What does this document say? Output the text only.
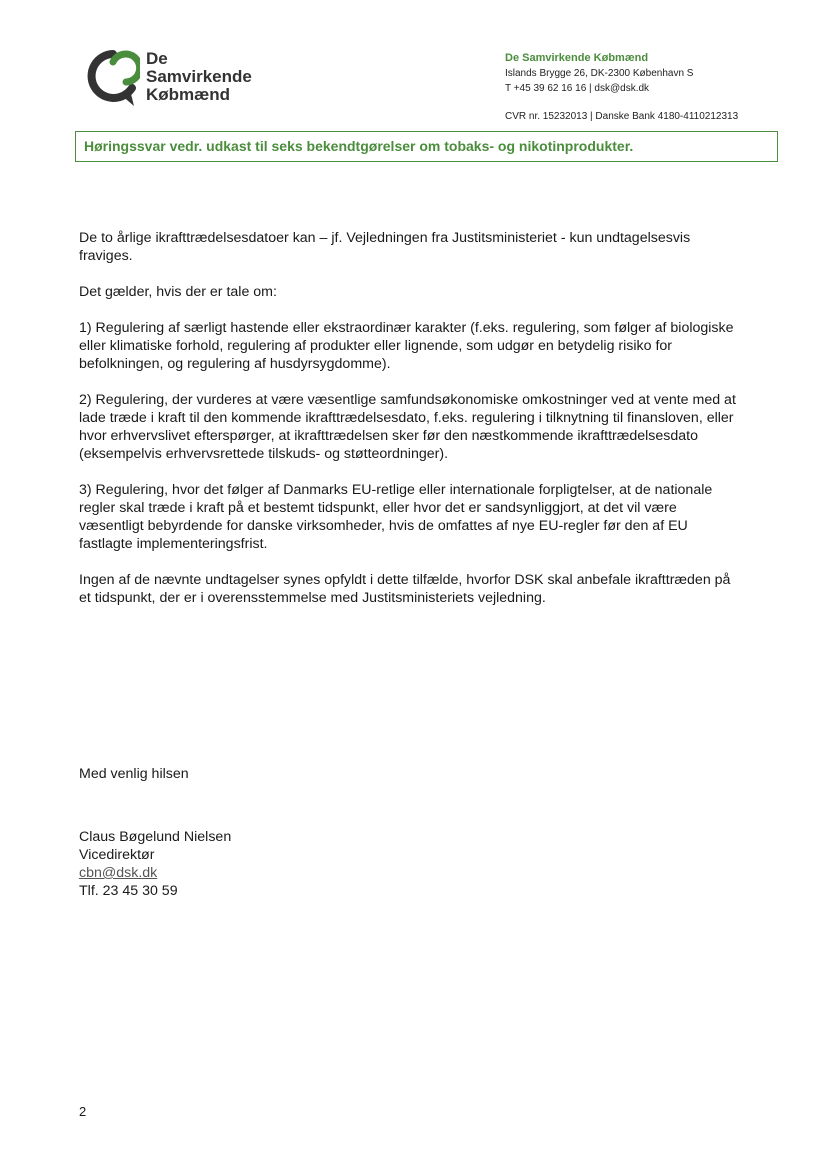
De
Samvirkende
Købmænd
De Samvirkende Købmænd
Islands Brygge 26, DK-2300 København S
T +45 39 62 16 16 | dsk@dsk.dk
CVR nr. 15232013 | Danske Bank 4180-4110212313
Høringssvar vedr. udkast til seks bekendtgørelser om tobaks- og nikotinprodukter.

De to årlige ikrafttrædelsesdatoer kan – jf. Vejledningen fra Justitsministeriet - kun undtagelsesvis fraviges.

Det gælder, hvis der er tale om:

1) Regulering af særligt hastende eller ekstraordinær karakter (f.eks. regulering, som følger af biologiske eller klimatiske forhold, regulering af produkter eller lignende, som udgør en betydelig risiko for befolkningen, og regulering af husdyrsygdomme).

2) Regulering, der vurderes at være væsentlige samfundsøkonomiske omkostninger ved at vente med at lade træde i kraft til den kommende ikrafttrædelsesdato, f.eks. regulering i tilknytning til finansloven, eller hvor erhvervslivet efterspørger, at ikrafttrædelsen sker før den næstkommende ikrafttrædelsesdato (eksempelvis erhvervsrettede tilskuds- og støtteordninger).

3) Regulering, hvor det følger af Danmarks EU-retlige eller internationale forpligtelser, at de nationale regler skal træde i kraft på et bestemt tidspunkt, eller hvor det er sandsynliggjort, at det vil være væsentligt bebyrdende for danske virksomheder, hvis de omfattes af nye EU-regler før den af EU fastlagte implementeringsfrist.

Ingen af de nævnte undtagelser synes opfyldt i dette tilfælde, hvorfor DSK skal anbefale ikrafttræden på et tidspunkt, der er i overensstemmelse med Justitsministeriets vejledning.

Med venlig hilsen
Claus Bøgelund Nielsen
Vicedirektør
cbn@dsk.dk
Tlf. 23 45 30 59
2
